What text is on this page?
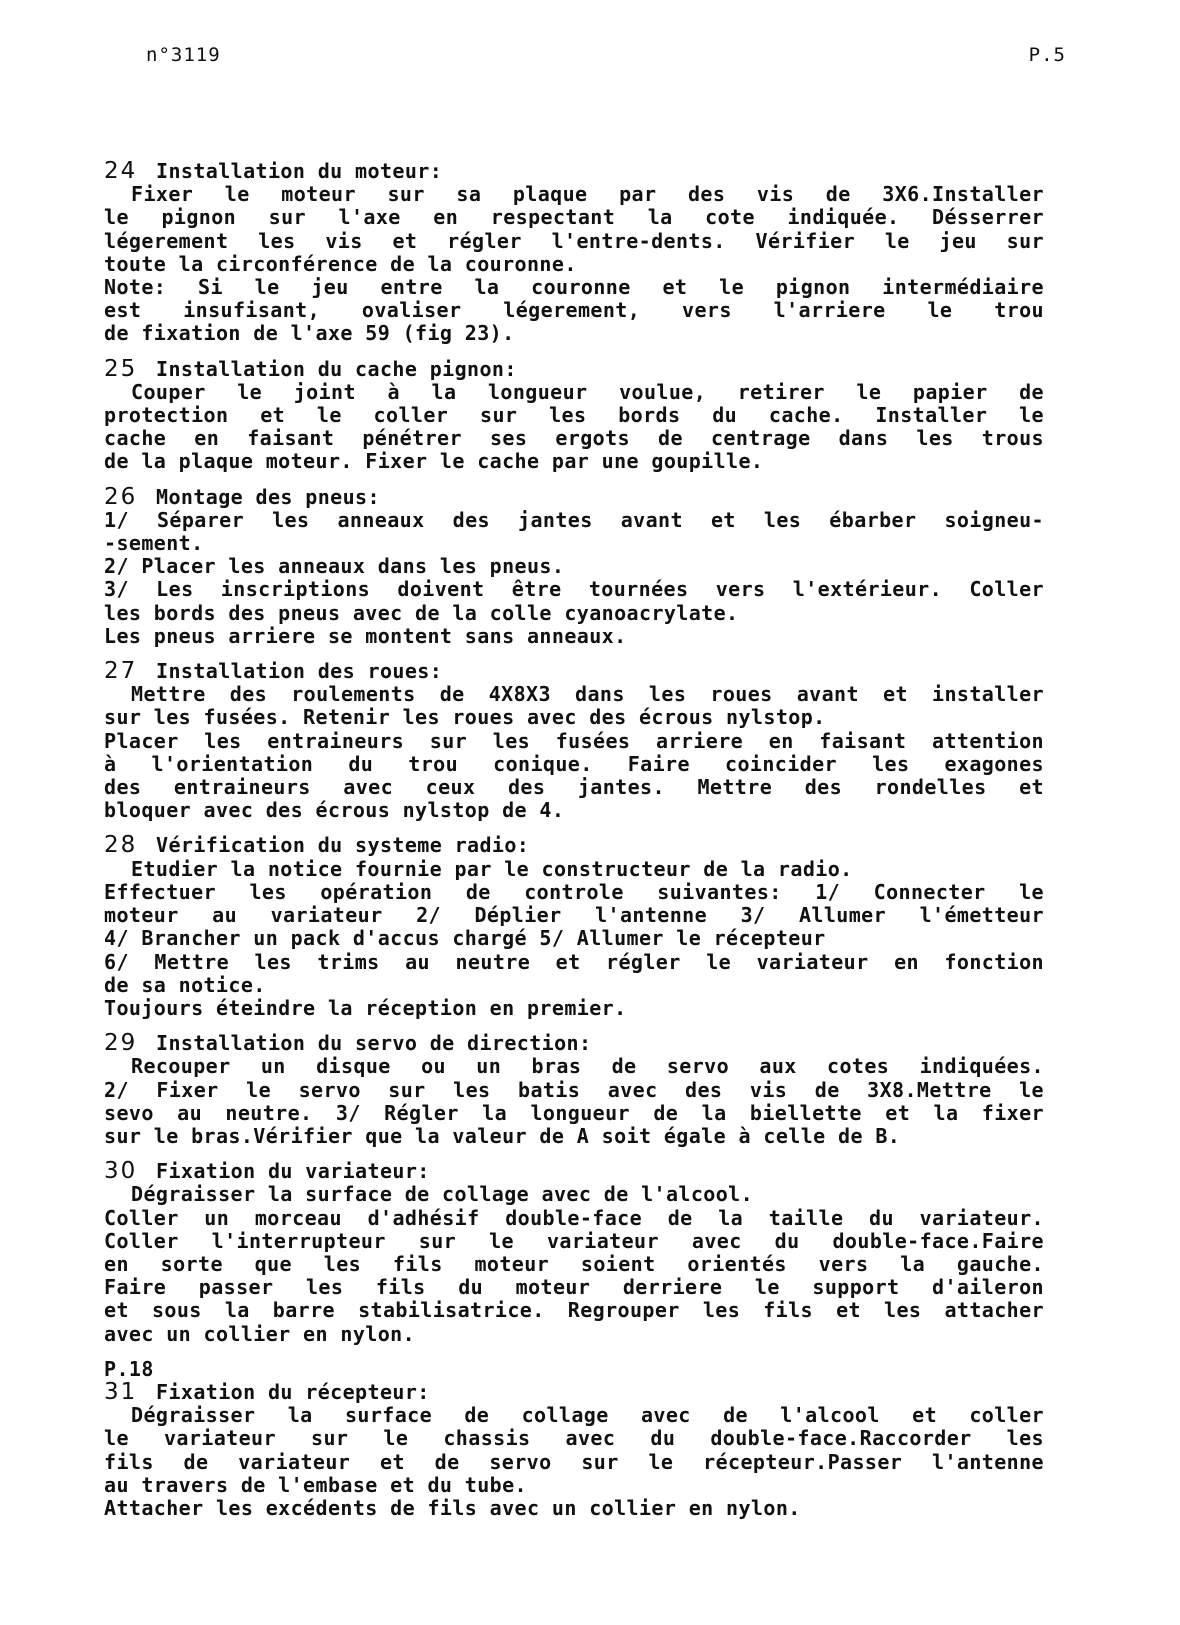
n°3119	P.5
24 Installation du moteur:
Fixer le moteur sur sa plaque par des vis de 3X6.Installer
le pignon sur l'axe en respectant la cote indiquée. Désserrer
légerement les vis et régler l'entre-dents. Vérifier le jeu sur
toute la circonférence de la couronne.
Note: Si le jeu entre la couronne et le pignon intermédiaire
est insufisant, ovaliser légerement, vers l'arriere le trou
de fixation de l'axe 59 (fig 23).
25 Installation du cache pignon:
Couper le joint à la longueur voulue, retirer le papier de
protection et le coller sur les bords du cache. Installer le
cache en faisant pénétrer ses ergots de centrage dans les trous
de la plaque moteur. Fixer le cache par une goupille.
26 Montage des pneus:
1/ Séparer les anneaux des jantes avant et les ébarber soigneu-
-sement.
2/ Placer les anneaux dans les pneus.
3/ Les inscriptions doivent être tournées vers l'extérieur. Coller
les bords des pneus avec de la colle cyanoacrylate.
Les pneus arriere se montent sans anneaux.
27 Installation des roues:
Mettre des roulements de 4X8X3 dans les roues avant et installer
sur les fusées. Retenir les roues avec des écrous nylstop.
Placer les entraineurs sur les fusées arriere en faisant attention
à l'orientation du trou conique. Faire coincider les exagones
des entraineurs avec ceux des jantes. Mettre des rondelles et
bloquer avec des écrous nylstop de 4.
28 Vérification du systeme radio:
Etudier la notice fournie par le constructeur de la radio.
Effectuer les opération de controle suivantes: 1/ Connecter le
moteur au variateur 2/ Déplier l'antenne 3/ Allumer l'émetteur
4/ Brancher un pack d'accus chargé 5/ Allumer le récepteur
6/ Mettre les trims au neutre et régler le variateur en fonction
de sa notice.
Toujours éteindre la réception en premier.
29 Installation du servo de direction:
Recouper un disque ou un bras de servo aux cotes indiquées.
2/ Fixer le servo sur les batis avec des vis de 3X8.Mettre le
sevo au neutre. 3/ Régler la longueur de la biellette et la fixer
sur le bras.Vérifier que la valeur de A soit égale à celle de B.
30 Fixation du variateur:
Dégraisser la surface de collage avec de l'alcool.
Coller un morceau d'adhésif double-face de la taille du variateur.
Coller l'interrupteur sur le variateur avec du double-face.Faire
en sorte que les fils moteur soient orientés vers la gauche.
Faire passer les fils du moteur derriere le support d'aileron
et sous la barre stabilisatrice. Regrouper les fils et les attacher
avec un collier en nylon.
P.18
31 Fixation du récepteur:
Dégraisser la surface de collage avec de l'alcool et coller
le variateur sur le chassis avec du double-face.Raccorder les
fils de variateur et de servo sur le récepteur.Passer l'antenne
au travers de l'embase et du tube.
Attacher les excédents de fils avec un collier en nylon.
